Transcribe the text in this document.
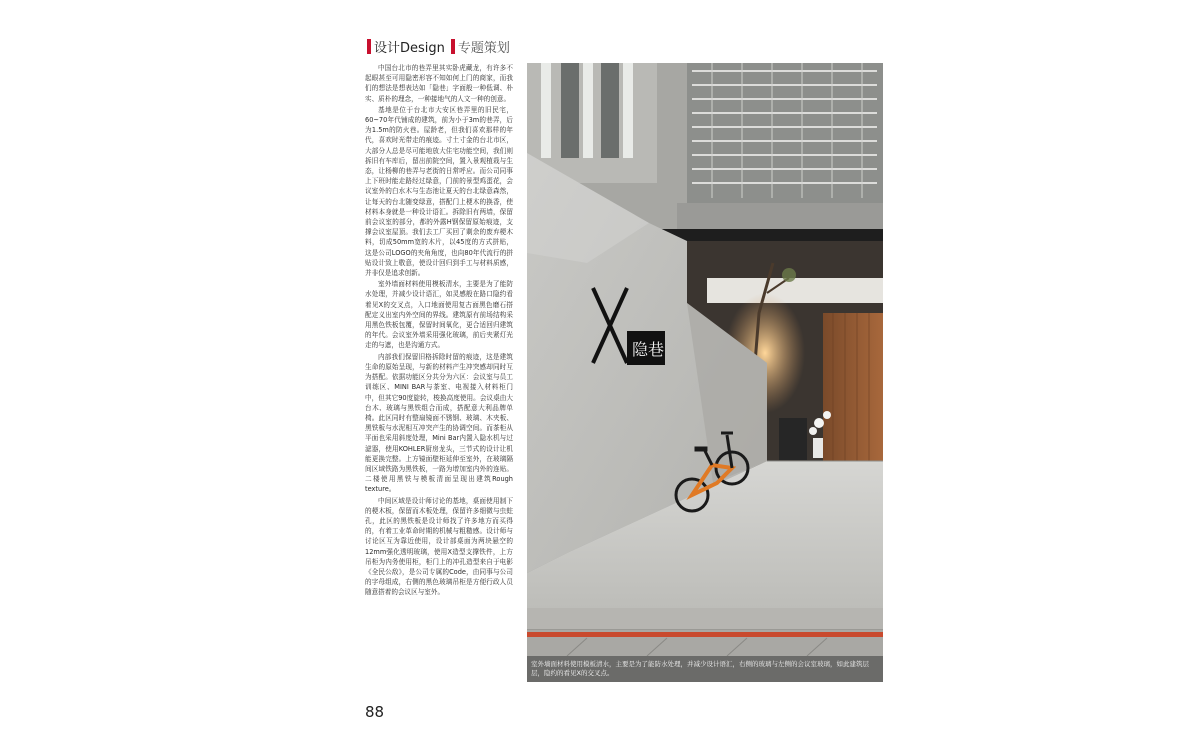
设计Design 专题策划

中国台北市的巷弄里其实卧虎藏龙，有许多不起眼甚至可用隐密形容不知如何上门的商家，而我们的想法是想表达如「隐巷」字面般一种低调、朴实、质朴的理念，一种接地气的人文一种的创意。

基地是位于台北市大安区巷弄里的旧民宅，60~70年代铺成的建筑，前为小于3m的巷弄，后为1.5m的防火巷。屋龄老，但我们喜欢那样的年代，喜欢时光带走的痕迹。寸土寸金的台北市区，大部分人总是尽可能地放大住宅功能空间，我们则拆旧有车库后，留出前院空间，置入景观植栽与生态，让杨柳的巷弄与老街的日常呼应。而公司同事上下班时能走路经过绿意，门前的景型鸡蛋花，会议室外的白水木与生态池让夏天的台北绿意森然，让每天的台北随变绿意，搭配门上梗木的换香，使材料本身就是一种设计语汇。拆除旧有两墙，保留前会议室的部分，都的外露H钢保留原始痕迹，支撑会议室屋顶。我们去工厂买回了剩余的废弃梗木料，切成50mm宽的木片，以45度的方式拼贴，这是公司LOGO的夹角角度，也向80年代流行的拼贴设计致上敬意，使设计回归到手工与材料质感，并非仅是追求创新。

室外墙面材料使用模板清水，主要是为了能防水处理，并减少设计语汇，如灵感般在路口隐约看着见X的交叉点，入口地面使用复古面黑色磨石搭配定义出室内外空间的界线。建筑原有前场结构采用黑色铁板包覆，保留时间氧化，更合适回归建筑的年代。会议室外墙采用强化玻璃，前后夹紧灯光走的与遮，也是沟通方式。

内部我们保留旧格拆除时留的痕迹，这是建筑生命的原始呈现，与新的材料产生冲突感却同时互为搭配。依据功能区分共分为六区：会议室与员工训练区、MINI BAR与茶室、电视接入材料柜门中，但其它90度旋转，梭换高度使用。会议桌由大台木、玻璃与黑铁组合而成，搭配意大利品牌单椅。此区同时有整扇镜面不锈钢、玻璃、木夹板、黑铁板与水泥相互冲突产生的协调空间。而茶柜从平面也采用斜度处理，Mini Bar内置入隐水机与过滤器，使用KOHLER厨房龙头，三节式的设计让机能更换完整。上方镜面壁柜延伸至室外，在玻璃隔间区域铁路为黑铁板，一路为增加室内外的连贴。二楼使用黑铁与模板清面呈现出建筑Rough texture。

中间区域是设计师讨论的基地，桌面使用制下的梗木板，保留而木板处理，保留许多细微与虫蛀孔，此区的黑铁板是设计师找了许多地方而买得的，有着工业革命时期的机械与粗糙感。设计师与讨论区互为靠近使用，设计部桌面为两块悬空的12mm强化透明玻璃，使用X造型支撑铁件，上方吊柜为内务使用柜，柜门上的冲孔造型来自于电影《全民公敌》，是公司专属的Code，由同事与公司的字母组成，右侧的黑色玻璃吊柜是方便行政人员随意搭着的会议区与室外。

隐巷
室外墙面材料使用模板清水，主要是为了能防水处理，并减少设计语汇，右侧的玻璃与左侧的会议室玻璃，如此建筑层层，隐约的看见X的交叉点。
88
